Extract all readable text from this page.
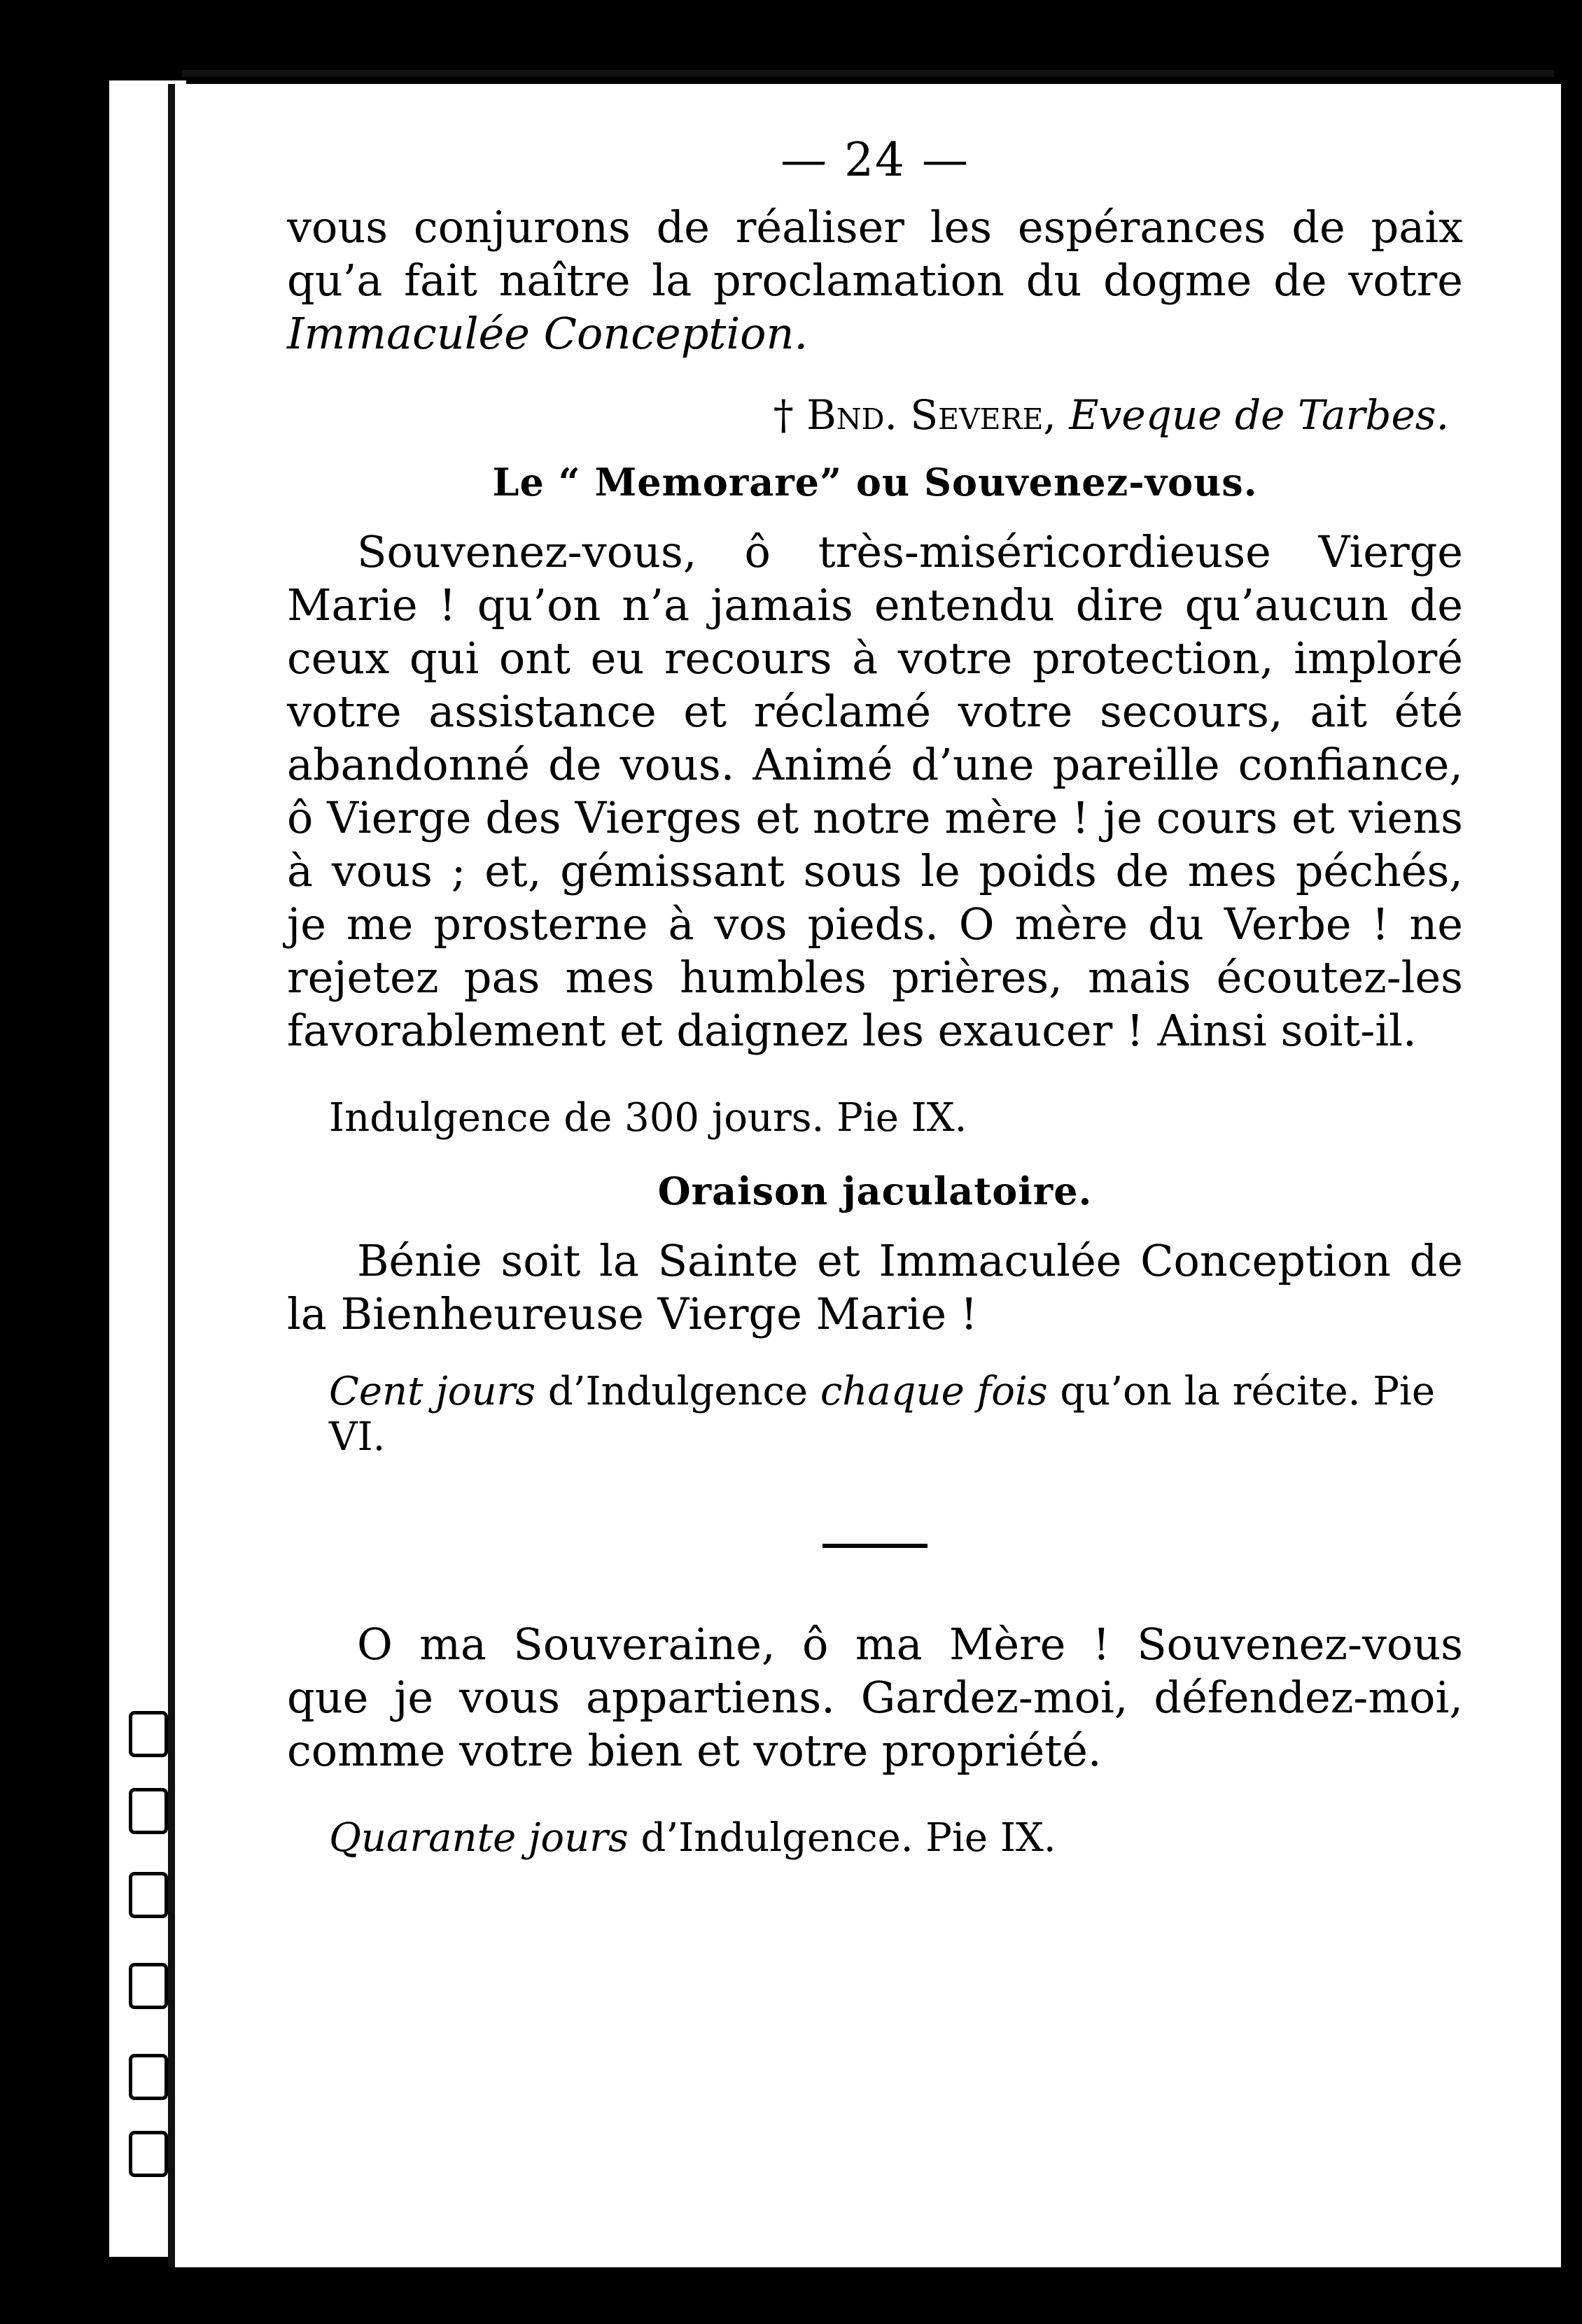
— 24 —

vous conjurons de réaliser les espérances de paix qu’a fait naître la proclamation du dogme de votre Immaculée Conception.

† Bnd. Severe, Eveque de Tarbes.
Le “ Memorare” ou Souvenez-vous.

Souvenez-vous, ô très-miséricordieuse Vierge Marie ! qu’on n’a jamais entendu dire qu’aucun de ceux qui ont eu recours à votre protection, imploré votre assistance et réclamé votre secours, ait été abandonné de vous. Animé d’une pareille confiance, ô Vierge des Vierges et notre mère ! je cours et viens à vous ; et, gémissant sous le poids de mes péchés, je me prosterne à vos pieds. O mère du Verbe ! ne rejetez pas mes humbles prières, mais écoutez-les favorablement et daignez les exaucer ! Ainsi soit-il.

Indulgence de 300 jours. Pie IX.
Oraison jaculatoire.

Bénie soit la Sainte et Immaculée Conception de la Bienheureuse Vierge Marie !

Cent jours d’Indulgence chaque fois qu’on la récite. Pie VI.

O ma Souveraine, ô ma Mère ! Souvenez-vous que je vous appartiens. Gardez-moi, défendez-moi, comme votre bien et votre propriété.

Quarante jours d’Indulgence. Pie IX.
